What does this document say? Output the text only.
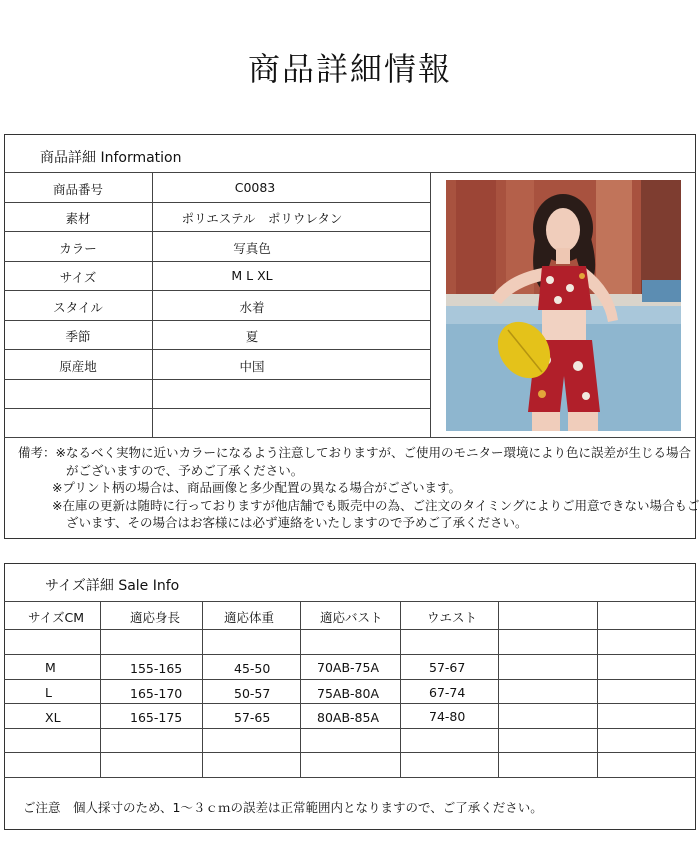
商品詳細情報
商品詳細 Information
商品番号	C0083
素材	ポリエステル　ポリウレタン
カラー	写真色
サイズ	M L XL
スタイル	水着
季節	夏
原産地	中国
備考：※なるべく実物に近いカラーになるよう注意しておりますが、ご使用のモニター環境により色に誤差が生じる場合
がございますので、予めご了承ください。
※プリント柄の場合は、商品画像と多少配置の異なる場合がございます。
※在庫の更新は随時に行っておりますが他店舗でも販売中の為、ご注文のタイミングによりご用意できない場合もご
ざいます、その場合はお客様には必ず連絡をいたしますので予めご了承ください。
サイズ詳細 Sale Info
サイズCM	適応身長	適応体重	適応バスト	ウエスト
M	155-165	45-50	70AB-75A	57-67
L	165-170	50-57	75AB-80A	67-74
XL	165-175	57-65	80AB-85A	74-80
ご注意　個人採寸のため、1～３ｃｍの誤差は正常範囲内となりますので、ご了承ください。
